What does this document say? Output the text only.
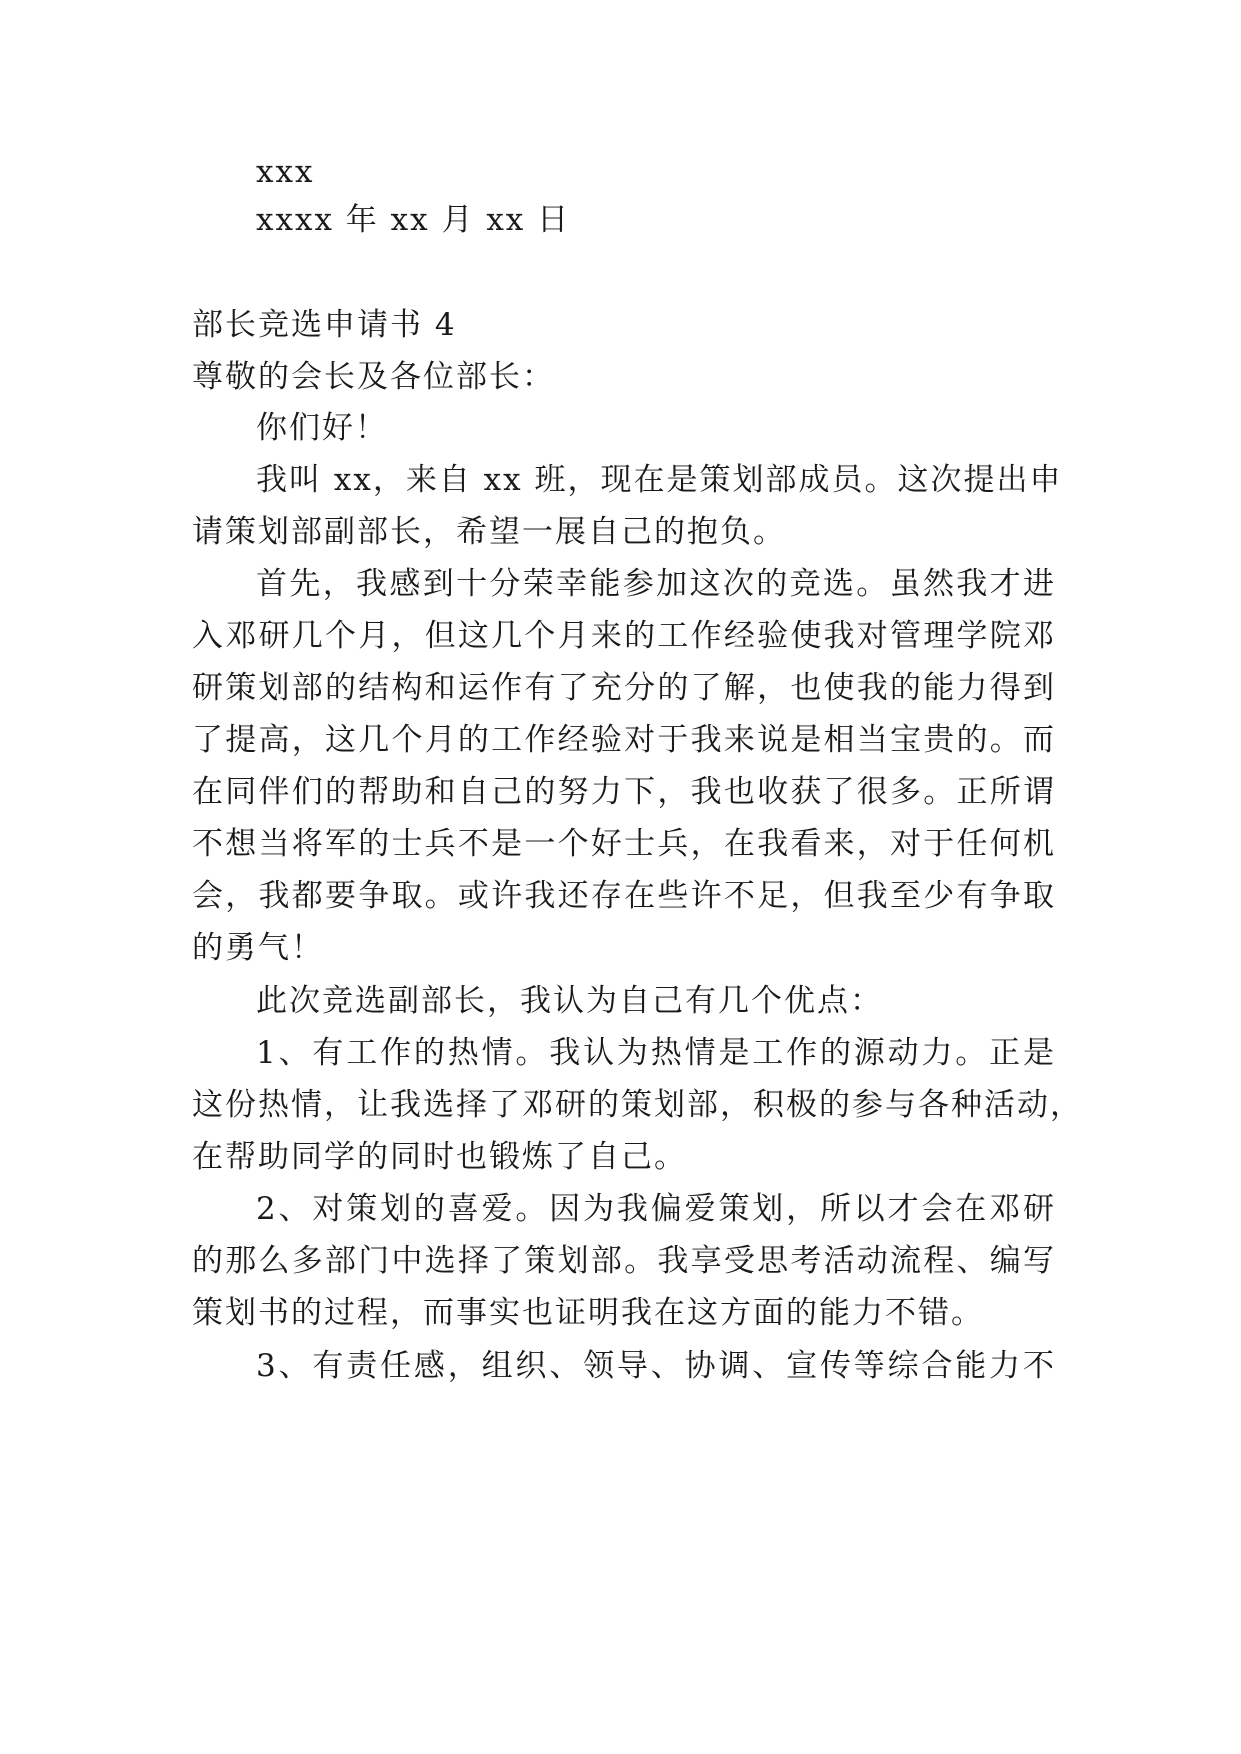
xxx
xxxx 年 xx 月 xx 日
部长竞选申请书 4
尊敬的会长及各位部长：
你们好！
我叫 xx，来自 xx 班，现在是策划部成员。这次提出申
请策划部副部长，希望一展自己的抱负。
首先，我感到十分荣幸能参加这次的竞选。虽然我才进
入邓研几个月，但这几个月来的工作经验使我对管理学院邓
研策划部的结构和运作有了充分的了解，也使我的能力得到
了提高，这几个月的工作经验对于我来说是相当宝贵的。而
在同伴们的帮助和自己的努力下，我也收获了很多。正所谓
不想当将军的士兵不是一个好士兵，在我看来，对于任何机
会，我都要争取。或许我还存在些许不足，但我至少有争取
的勇气！
此次竞选副部长，我认为自己有几个优点：
1、有工作的热情。我认为热情是工作的源动力。正是
这份热情，让我选择了邓研的策划部，积极的参与各种活动，
在帮助同学的同时也锻炼了自己。
2、对策划的喜爱。因为我偏爱策划，所以才会在邓研
的那么多部门中选择了策划部。我享受思考活动流程、编写
策划书的过程，而事实也证明我在这方面的能力不错。
3、有责任感，组织、领导、协调、宣传等综合能力不
